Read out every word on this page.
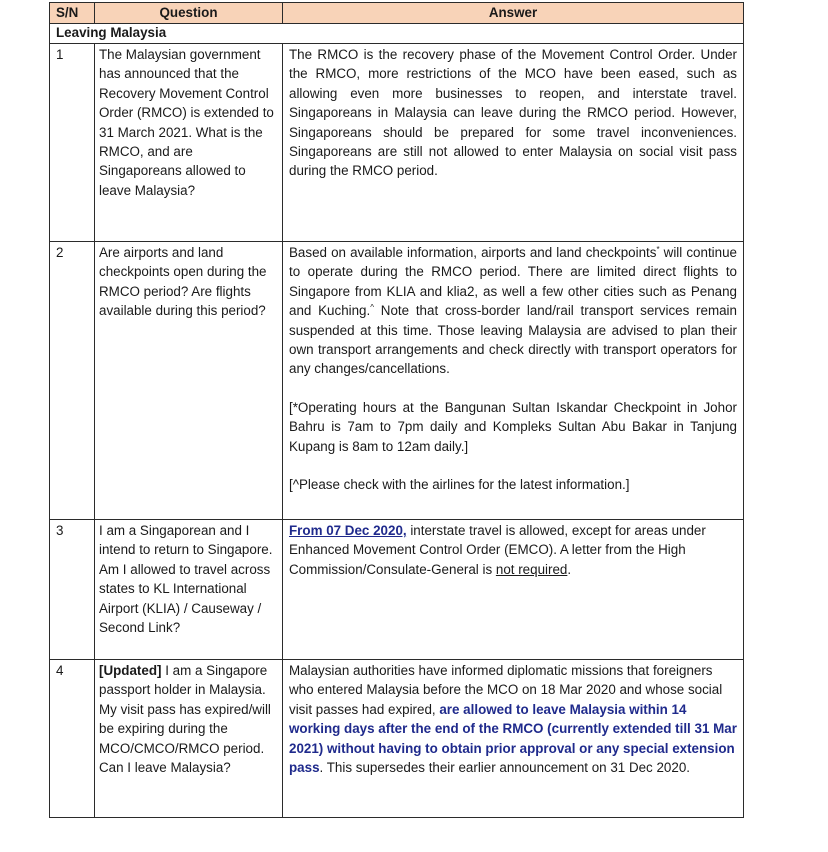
S/N	Question	Answer
Leaving Malaysia		
1	The Malaysian government has announced that the Recovery Movement Control Order (RMCO) is extended to 31 March 2021. What is the RMCO, and are Singaporeans allowed to leave Malaysia?	The RMCO is the recovery phase of the Movement Control Order. Under the RMCO, more restrictions of the MCO have been eased, such as allowing even more businesses to reopen, and interstate travel. Singaporeans in Malaysia can leave during the RMCO period. However, Singaporeans should be prepared for some travel inconveniences. Singaporeans are still not allowed to enter Malaysia on social visit pass during the RMCO period.
2	Are airports and land checkpoints open during the RMCO period? Are flights available during this period?	Based on available information, airports and land checkpoints* will continue to operate during the RMCO period. There are limited direct flights to Singapore from KLIA and klia2, as well a few other cities such as Penang and Kuching.^ Note that cross-border land/rail transport services remain suspended at this time. Those leaving Malaysia are advised to plan their own transport arrangements and check directly with transport operators for any changes/cancellations.

[*Operating hours at the Bangunan Sultan Iskandar Checkpoint in Johor Bahru is 7am to 7pm daily and Kompleks Sultan Abu Bakar in Tanjung Kupang is 8am to 12am daily.]

[^Please check with the airlines for the latest information.]

3	I am a Singaporean and I intend to return to Singapore. Am I allowed to travel across states to KL International Airport (KLIA) / Causeway / Second Link?	From 07 Dec 2020, interstate travel is allowed, except for areas under Enhanced Movement Control Order (EMCO). A letter from the High Commission/Consulate-General is not required.
4	[Updated] I am a Singapore passport holder in Malaysia. My visit pass has expired/will be expiring during the MCO/CMCO/RMCO period. Can I leave Malaysia?	Malaysian authorities have informed diplomatic missions that foreigners who entered Malaysia before the MCO on 18 Mar 2020 and whose social visit passes had expired, are allowed to leave Malaysia within 14 working days after the end of the RMCO (currently extended till 31 Mar 2021) without having to obtain prior approval or any special extension pass. This supersedes their earlier announcement on 31 Dec 2020.
